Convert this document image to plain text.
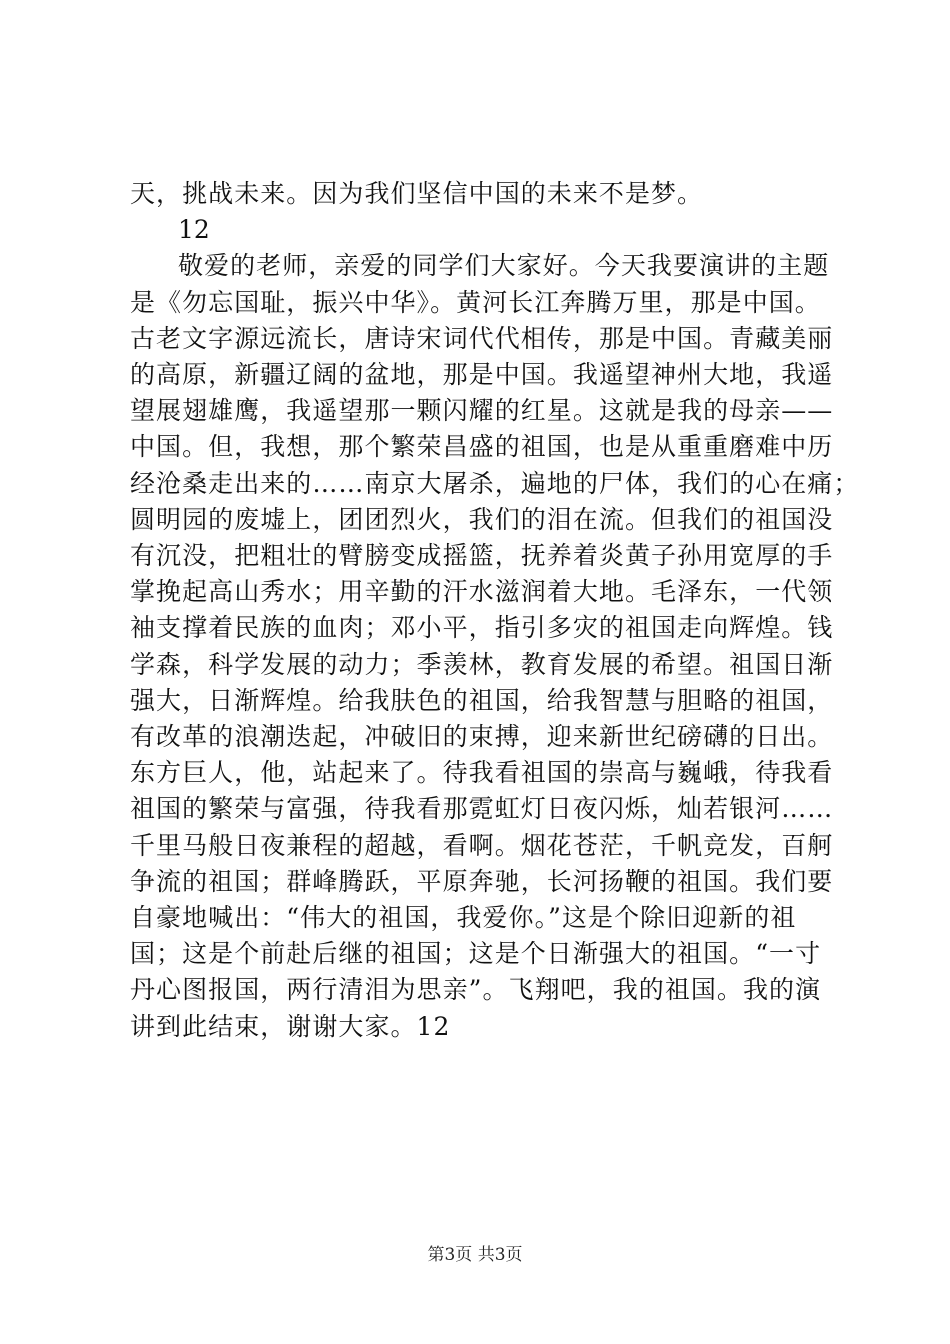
天，挑战未来。因为我们坚信中国的未来不是梦。
12
敬爱的老师，亲爱的同学们大家好。今天我要演讲的主题
是《勿忘国耻，振兴中华》。黄河长江奔腾万里，那是中国。
古老文字源远流长，唐诗宋词代代相传，那是中国。青藏美丽
的高原，新疆辽阔的盆地，那是中国。我遥望神州大地，我遥
望展翅雄鹰，我遥望那一颗闪耀的红星。这就是我的母亲——
中国。但，我想，那个繁荣昌盛的祖国，也是从重重磨难中历
经沧桑走出来的……南京大屠杀，遍地的尸体，我们的心在痛；
圆明园的废墟上，团团烈火，我们的泪在流。但我们的祖国没
有沉没，把粗壮的臂膀变成摇篮，抚养着炎黄子孙用宽厚的手
掌挽起高山秀水；用辛勤的汗水滋润着大地。毛泽东，一代领
袖支撑着民族的血肉；邓小平，指引多灾的祖国走向辉煌。钱
学森，科学发展的动力；季羡林，教育发展的希望。祖国日渐
强大，日渐辉煌。给我肤色的祖国，给我智慧与胆略的祖国，
有改革的浪潮迭起，冲破旧的束搏，迎来新世纪磅礴的日出。
东方巨人，他，站起来了。待我看祖国的崇高与巍峨，待我看
祖国的繁荣与富强，待我看那霓虹灯日夜闪烁，灿若银河……
千里马般日夜兼程的超越，看啊。烟花苍茫，千帆竞发，百舸
争流的祖国；群峰腾跃，平原奔驰，长河扬鞭的祖国。我们要
自豪地喊出：“伟大的祖国，我爱你。”这是个除旧迎新的祖
国；这是个前赴后继的祖国；这是个日渐强大的祖国。“一寸
丹心图报国，两行清泪为思亲”。飞翔吧，我的祖国。我的演
讲到此结束，谢谢大家。12
第3页 共3页
